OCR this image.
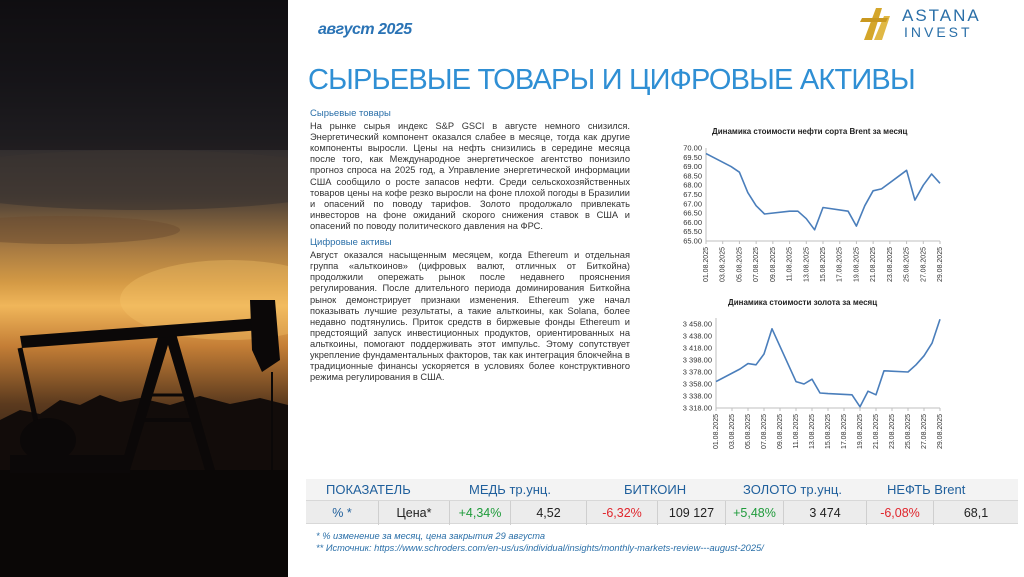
август 2025
ASTANA
INVEST
СЫРЬЕВЫЕ ТОВАРЫ И ЦИФРОВЫЕ АКТИВЫ
Сырьевые товары
На рынке сырья индекс S&P GSCI в августе немного снизился. Энергетический компонент оказался слабее в месяце, тогда как другие компоненты выросли. Цены на нефть снизились в середине месяца после того, как Международное энергетическое агентство понизило прогноз спроса на 2025 год, а Управление энергетической информации США сообщило о росте запасов нефти. Среди сельскохозяйственных товаров цены на кофе резко выросли на фоне плохой погоды в Бразилии и опасений по поводу тарифов. Золото продолжало привлекать инвесторов на фоне ожиданий скорого снижения ставок в США и опасений по поводу политического давления на ФРС.
Цифровые активы
Август оказался насыщенным месяцем, когда Ethereum и отдельная группа «альткоинов» (цифровых валют, отличных от Биткойна) продолжили опережать рынок после недавнего прояснения регулирования. После длительного периода доминирования Биткойна рынок демонстрирует признаки изменения. Ethereum уже начал показывать лучшие результаты, а такие альткоины, как Solana, более недавно подтянулись. Приток средств в биржевые фонды Ethereum и предстоящий запуск инвестиционных продуктов, ориентированных на альткоины, помогают поддерживать этот импульс. Этому сопутствует укрепление фундаментальных факторов, так как интеграция блокчейна в традиционные финансы ускоряется в условиях более конструктивного режима регулирования в США.
Динамика стоимости нефти сорта Brent за месяц
70.00
69.50
69.00
68.50
68.00
67.50
67.00
66.50
66.00
65.50
65.00
01.08.2025 03.08.2025 05.08.2025 07.08.2025 09.08.2025 11.08.2025 13.08.2025 15.08.2025 17.08.2025 19.08.2025 21.08.2025 23.08.2025 25.08.2025 27.08.2025 29.08.2025
Динамика стоимости золота за месяц
3 458.00
3 438.00
3 418.00
3 398.00
3 378.00
3 358.00
3 338.00
3 318.00
01.08.2025 03.08.2025 05.08.2025 07.08.2025 09.08.2025 11.08.2025 13.08.2025 15.08.2025 17.08.2025 19.08.2025 21.08.2025 23.08.2025 25.08.2025 27.08.2025 29.08.2025
ПОКАЗАТЕЛЬ	МЕДЬ тр.унц.	БИТКОИН	ЗОЛОТО тр.унц.	НЕФТЬ Brent
% *	Цена*	+4,34%	4,52	-6,32%	109 127	+5,48%	3 474	-6,08%	68,1
* % изменение за месяц, цена закрытия 29 августа
** Источник: https://www.schroders.com/en-us/us/individual/insights/monthly-markets-review---august-2025/
